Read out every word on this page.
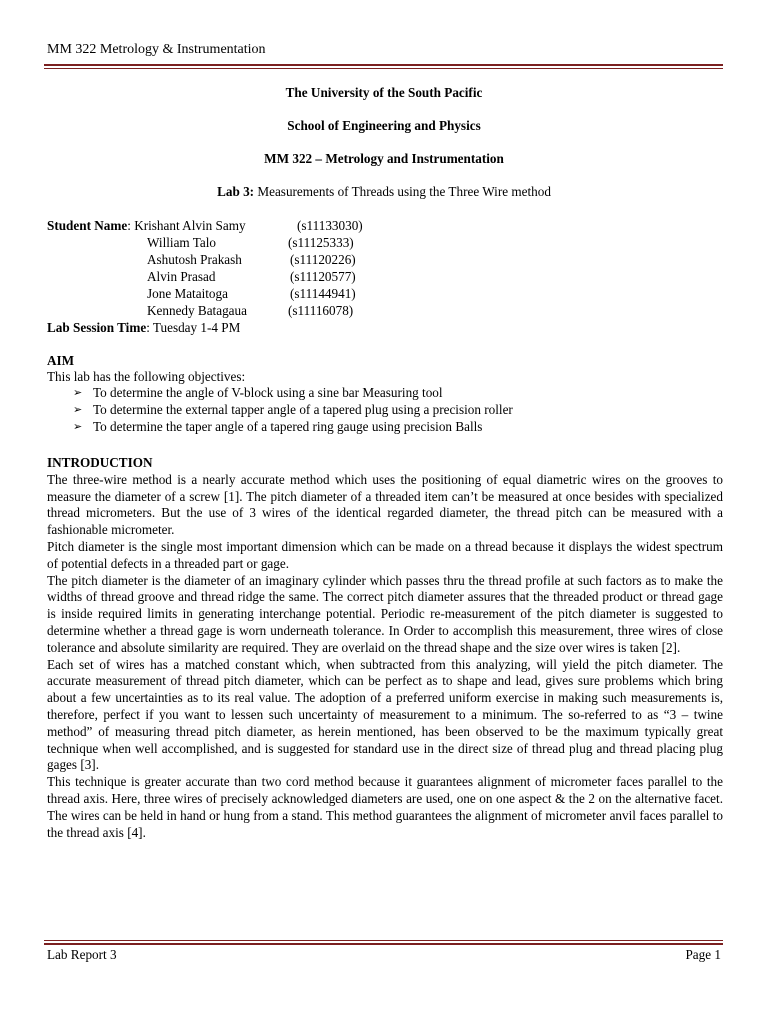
MM 322 Metrology & Instrumentation
The University of the South Pacific
School of Engineering and Physics
MM 322 – Metrology and Instrumentation
Lab 3: Measurements of Threads using the Three Wire method
Student Name: Krishant Alvin Samy	(s11133030)
William Talo	(s11125333)
Ashutosh Prakash	(s11120226)
Alvin Prasad	(s11120577)
Jone Mataitoga	(s11144941)
Kennedy Batagaua	(s11116078)
Lab Session Time: Tuesday 1-4 PM
AIM
This lab has the following objectives:
➢ To determine the angle of V-block using a sine bar Measuring tool
➢ To determine the external tapper angle of a tapered plug using a precision roller
➢ To determine the taper angle of a tapered ring gauge using precision Balls

INTRODUCTION

The three-wire method is a nearly accurate method which uses the positioning of equal diametric wires on the grooves to measure the diameter of a screw [1]. The pitch diameter of a threaded item can’t be measured at once besides with specialized thread micrometers. But the use of 3 wires of the identical regarded diameter, the thread pitch can be measured with a fashionable micrometer.

Pitch diameter is the single most important dimension which can be made on a thread because it displays the widest spectrum of potential defects in a threaded part or gage.

The pitch diameter is the diameter of an imaginary cylinder which passes thru the thread profile at such factors as to make the widths of thread groove and thread ridge the same. The correct pitch diameter assures that the threaded product or thread gage is inside required limits in generating interchange potential. Periodic re-measurement of the pitch diameter is suggested to determine whether a thread gage is worn underneath tolerance. In Order to accomplish this measurement, three wires of close tolerance and absolute similarity are required. They are overlaid on the thread shape and the size over wires is taken [2].

Each set of wires has a matched constant which, when subtracted from this analyzing, will yield the pitch diameter. The accurate measurement of thread pitch diameter, which can be perfect as to shape and lead, gives sure problems which bring about a few uncertainties as to its real value. The adoption of a preferred uniform exercise in making such measurements is, therefore, perfect if you want to lessen such uncertainty of measurement to a minimum. The so-referred to as “3 – twine method” of measuring thread pitch diameter, as herein mentioned, has been observed to be the maximum typically great technique when well accomplished, and is suggested for standard use in the direct size of thread plug and thread placing plug gages [3].

This technique is greater accurate than two cord method because it guarantees alignment of micrometer faces parallel to the thread axis. Here, three wires of precisely acknowledged diameters are used, one on one aspect & the 2 on the alternative facet. The wires can be held in hand or hung from a stand. This method guarantees the alignment of micrometer anvil faces parallel to the thread axis [4].

Lab Report 3	Page 1
